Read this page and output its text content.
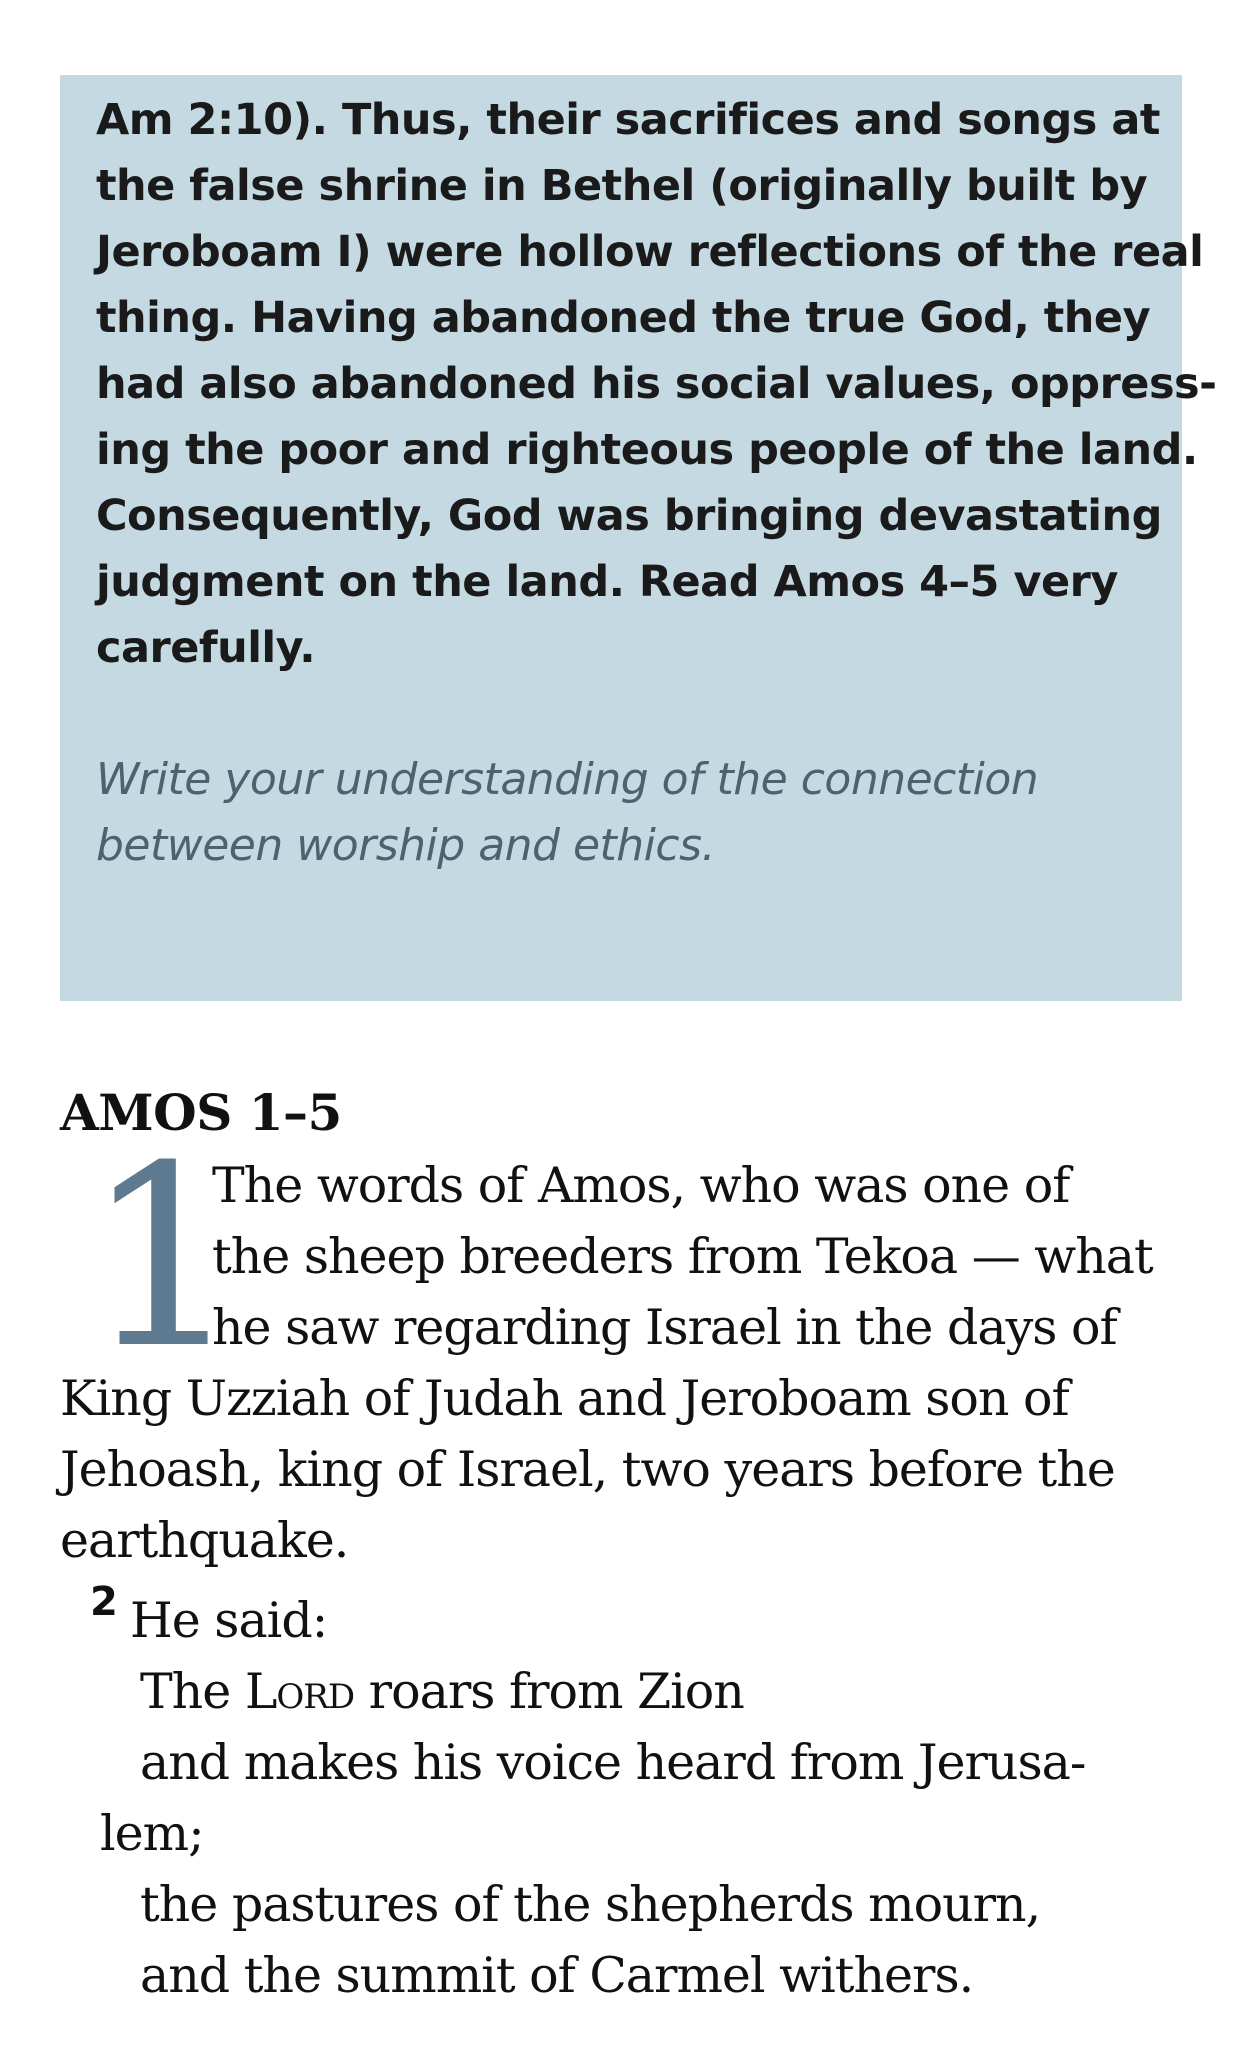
Am 2:10). Thus, their sacrifices and songs at
the false shrine in Bethel (originally built by
Jeroboam I) were hollow reflections of the real
thing. Having abandoned the true God, they
had also abandoned his social values, oppress-
ing the poor and righteous people of the land.
Consequently, God was bringing devastating
judgment on the land. Read Amos 4–5 very
carefully.
Write your understanding of the connection
between worship and ethics.
AMOS 1–5
1
The words of Amos, who was one of
the sheep breeders from Tekoa — what
he saw regarding Israel in the days of
King Uzziah of Judah and Jeroboam son of
Jehoash, king of Israel, two years before the
earthquake.
2 He said:
The Lord roars from Zion
and makes his voice heard from Jerusa-
lem;
the pastures of the shepherds mourn,
and the summit of Carmel withers.
